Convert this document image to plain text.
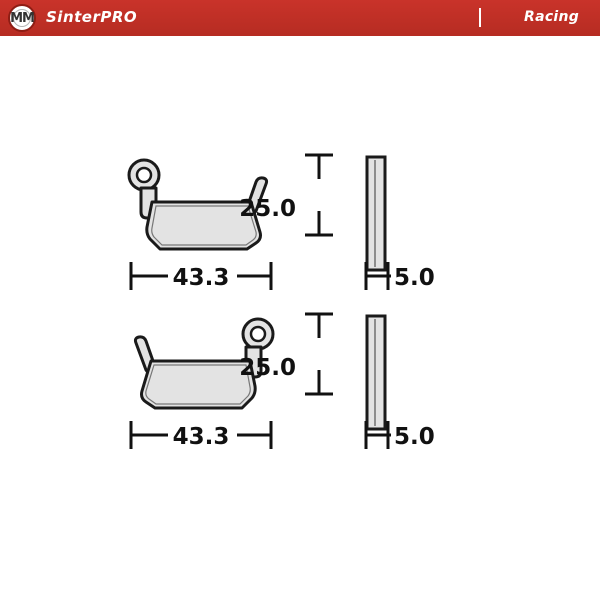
MM SinterPRO	Racing
25.0
43.3	5.0
25.0
43.3	5.0
